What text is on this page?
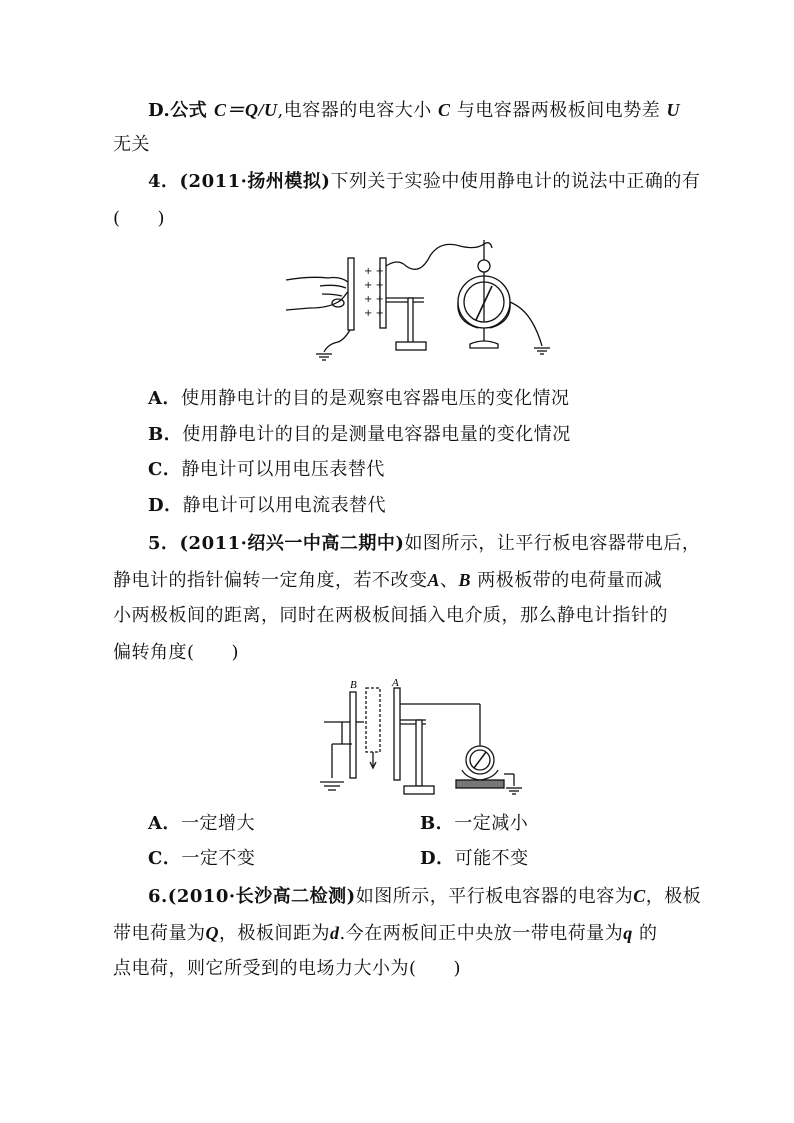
D.公式 C＝Q/U,电容器的电容大小 C 与电容器两极板间电势差 U
无关
4．(2011·扬州模拟)下列关于实验中使用静电计的说法中正确的有
(　　)
+ +
+ +
+ +
+ +
A．使用静电计的目的是观察电容器电压的变化情况
B．使用静电计的目的是测量电容器电量的变化情况
C．静电计可以用电压表替代
D．静电计可以用电流表替代
5．(2011·绍兴一中高二期中)如图所示，让平行板电容器带电后，
静电计的指针偏转一定角度，若不改变A、B 两极板带的电荷量而减
小两极板间的距离，同时在两极板间插入电介质，那么静电计指针的
偏转角度(　　)
B	A
A．一定增大	B．一定减小
C．一定不变	D．可能不变
6.(2010·长沙高二检测)如图所示，平行板电容器的电容为C，极板
带电荷量为Q，极板间距为d.今在两板间正中央放一带电荷量为q 的
点电荷，则它所受到的电场力大小为(　　)
